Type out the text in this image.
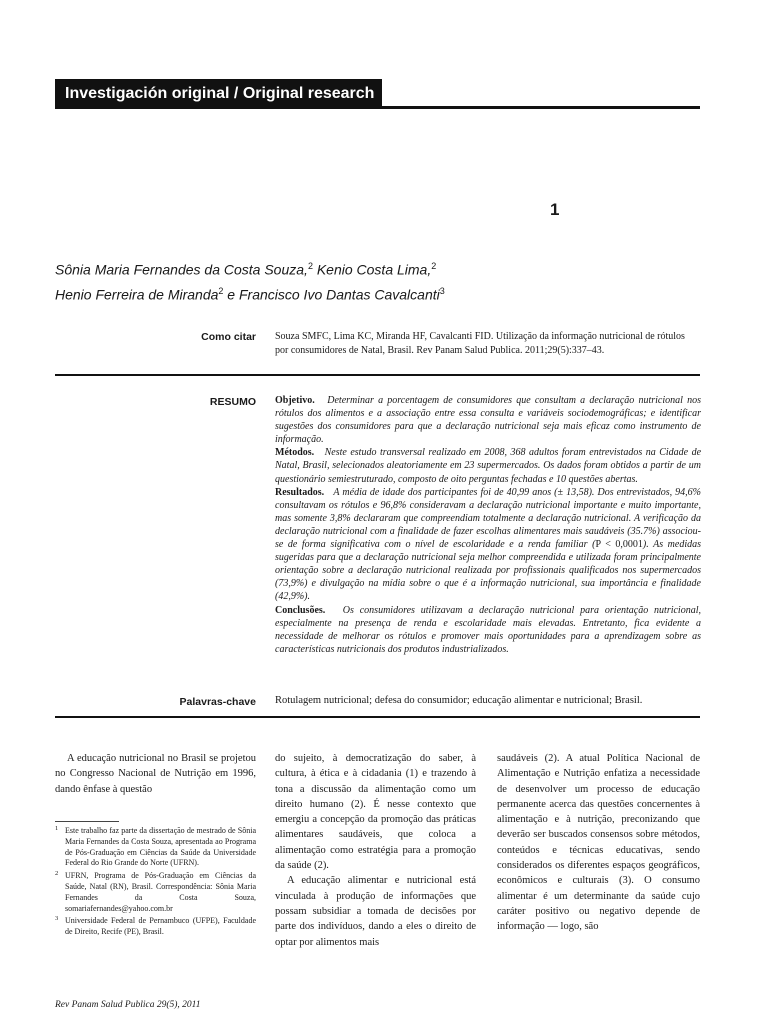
Investigación original / Original research
1
Sônia Maria Fernandes da Costa Souza,$^2$ Kenio Costa Lima,$^2$
Henio Ferreira de Miranda$^2$ e Francisco Ivo Dantas Cavalcanti$^3$
Como citar Souza SMFC, Lima KC, Miranda HF, Cavalcanti FID. Utilização da informação nutricional de rótulos por consumidores de Natal, Brasil. Rev Panam Salud Publica. 2011;29(5):337–43.
RESUMO Objetivo. Determinar a porcentagem de consumidores que consultam a declaração nutricional nos rótulos dos alimentos e a associação entre essa consulta e variáveis sociodemográficas; e identificar sugestões dos consumidores para que a declaração nutricional seja mais eficaz como instrumento de informação.

Métodos. Neste estudo transversal realizado em 2008, 368 adultos foram entrevistados na Cidade de Natal, Brasil, selecionados aleatoriamente em 23 supermercados. Os dados foram obtidos a partir de um questionário semiestruturado, composto de oito perguntas fechadas e 10 questões abertas.

Resultados. A média de idade dos participantes foi de 40,99 anos (± 13,58). Dos entrevistados, 94,6% consultavam os rótulos e 96,8% consideravam a declaração nutricional importante e muito importante, mas somente 3,8% declararam que compreendiam totalmente a declaração nutricional. A verificação da declaração nutricional com a finalidade de fazer escolhas alimentares mais saudáveis (35.7%) associou-se de forma significativa com o nível de escolaridade e a renda familiar (P < 0,0001). As medidas sugeridas para que a declaração nutricional seja melhor compreendida e utilizada foram principalmente orientação sobre a declaração nutricional realizada por profissionais qualificados nos supermercados (73,9%) e divulgação na mídia sobre o que é a informação nutricional, sua importância e finalidade (42,9%).

Conclusões. Os consumidores utilizavam a declaração nutricional para orientação nutricional, especialmente na presença de renda e escolaridade mais elevadas. Entretanto, fica evidente a necessidade de melhorar os rótulos e promover mais oportunidades para a aprendizagem sobre as características nutricionais dos produtos industrializados.

Palavras-chave Rotulagem nutricional; defesa do consumidor; educação alimentar e nutricional; Brasil.

A educação nutricional no Brasil se projetou no Congresso Nacional de Nutrição em 1996, dando ênfase à questão

do sujeito, à democratização do saber, à cultura, à ética e à cidadania (1) e trazendo à tona a discussão da alimentação como um direito humano (2). É nesse contexto que emergiu a concepção da promoção das práticas alimentares saudáveis, que coloca a alimentação como estratégia para a promoção da saúde (2).

A educação alimentar e nutricional está vinculada à produção de informações que possam subsidiar a tomada de decisões por parte dos indivíduos, dando a eles o direito de optar por alimentos mais

saudáveis (2). A atual Política Nacional de Alimentação e Nutrição enfatiza a necessidade de desenvolver um processo de educação permanente acerca das questões concernentes à alimentação e à nutrição, preconizando que deverão ser buscados consensos sobre métodos, conteúdos e técnicas educativas, sendo considerados os diferentes espaços geográficos, econômicos e culturais (3). O consumo alimentar é um determinante da saúde cujo caráter positivo ou negativo depende de informação — logo, são

1 Este trabalho faz parte da dissertação de mestrado de Sônia Maria Fernandes da Costa Souza, apresentada ao Programa de Pós-Graduação em Ciências da Saúde da Universidade Federal do Rio Grande do Norte (UFRN).
2 UFRN, Programa de Pós-Graduação em Ciências da Saúde, Natal (RN), Brasil. Correspondência: Sônia Maria Fernandes da Costa Souza, somariafernandes@yahoo.com.br
3 Universidade Federal de Pernambuco (UFPE), Faculdade de Direito, Recife (PE), Brasil.
Rev Panam Salud Publica 29(5), 2011
